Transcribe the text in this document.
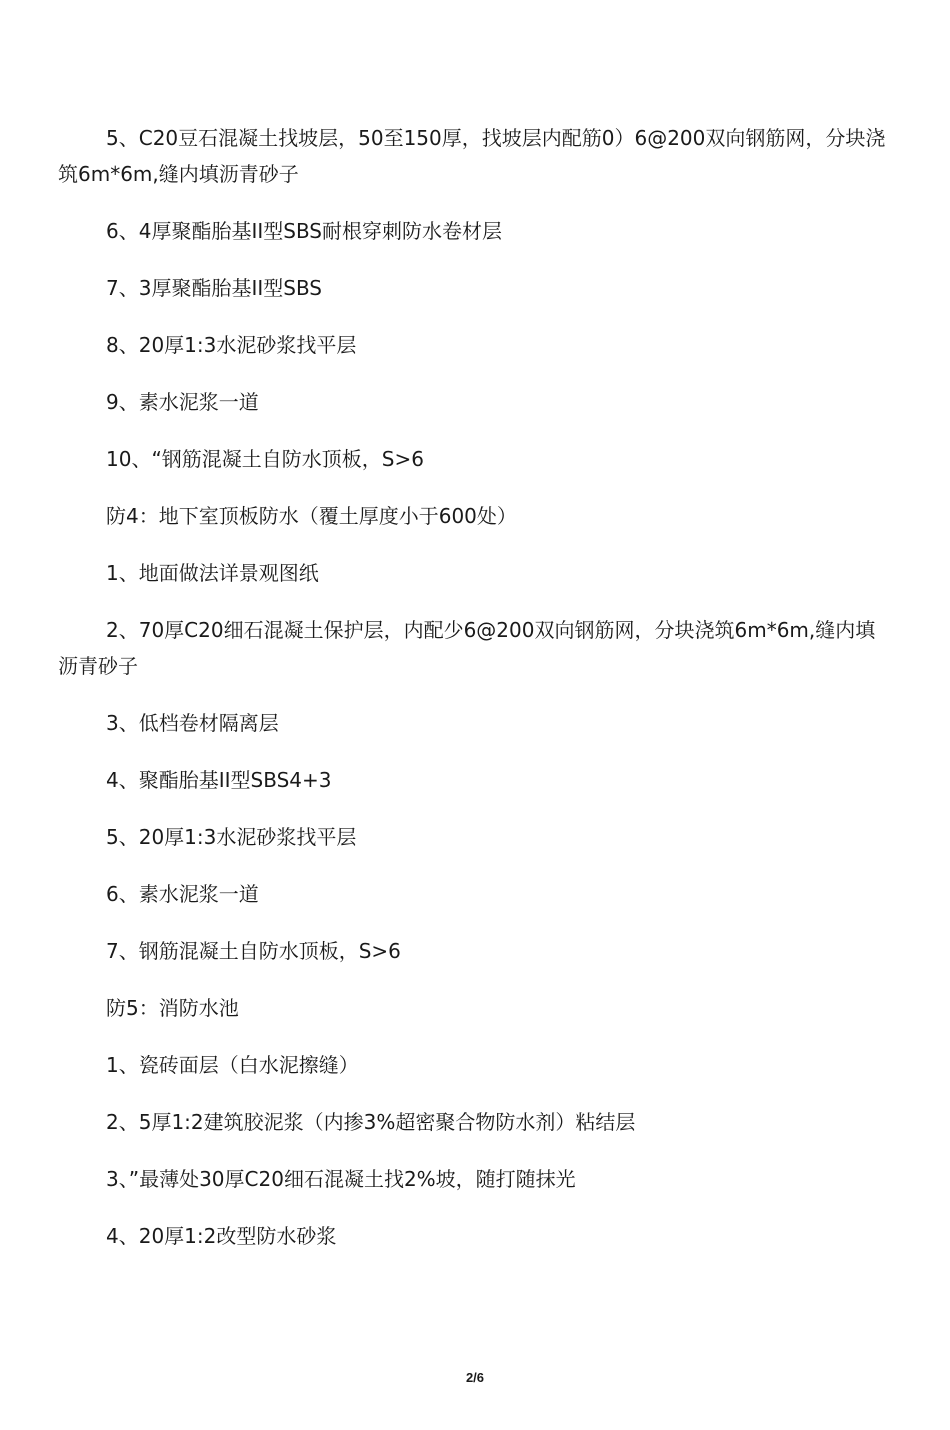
5、C20豆石混凝土找坡层，50至150厚，找坡层内配筋0）6@200双向钢筋网，分块浇筑6m*6m,缝内填沥青砂子

6、4厚聚酯胎基II型SBS耐根穿刺防水卷材层

7、3厚聚酯胎基II型SBS

8、20厚1:3水泥砂浆找平层

9、素水泥浆一道

10、“钢筋混凝土自防水顶板，S>6

防4：地下室顶板防水（覆土厚度小于600处）

1、地面做法详景观图纸

2、70厚C20细石混凝土保护层，内配少6@200双向钢筋网，分块浇筑6m*6m,缝内填沥青砂子

3、低档卷材隔离层

4、聚酯胎基II型SBS4+3

5、20厚1:3水泥砂浆找平层

6、素水泥浆一道

7、钢筋混凝土自防水顶板，S>6

防5：消防水池

1、瓷砖面层（白水泥擦缝）

2、5厚1:2建筑胶泥浆（内掺3%超密聚合物防水剂）粘结层

3、”最薄处30厚C20细石混凝土找2%坡，随打随抹光

4、20厚1:2改型防水砂浆

2/6
